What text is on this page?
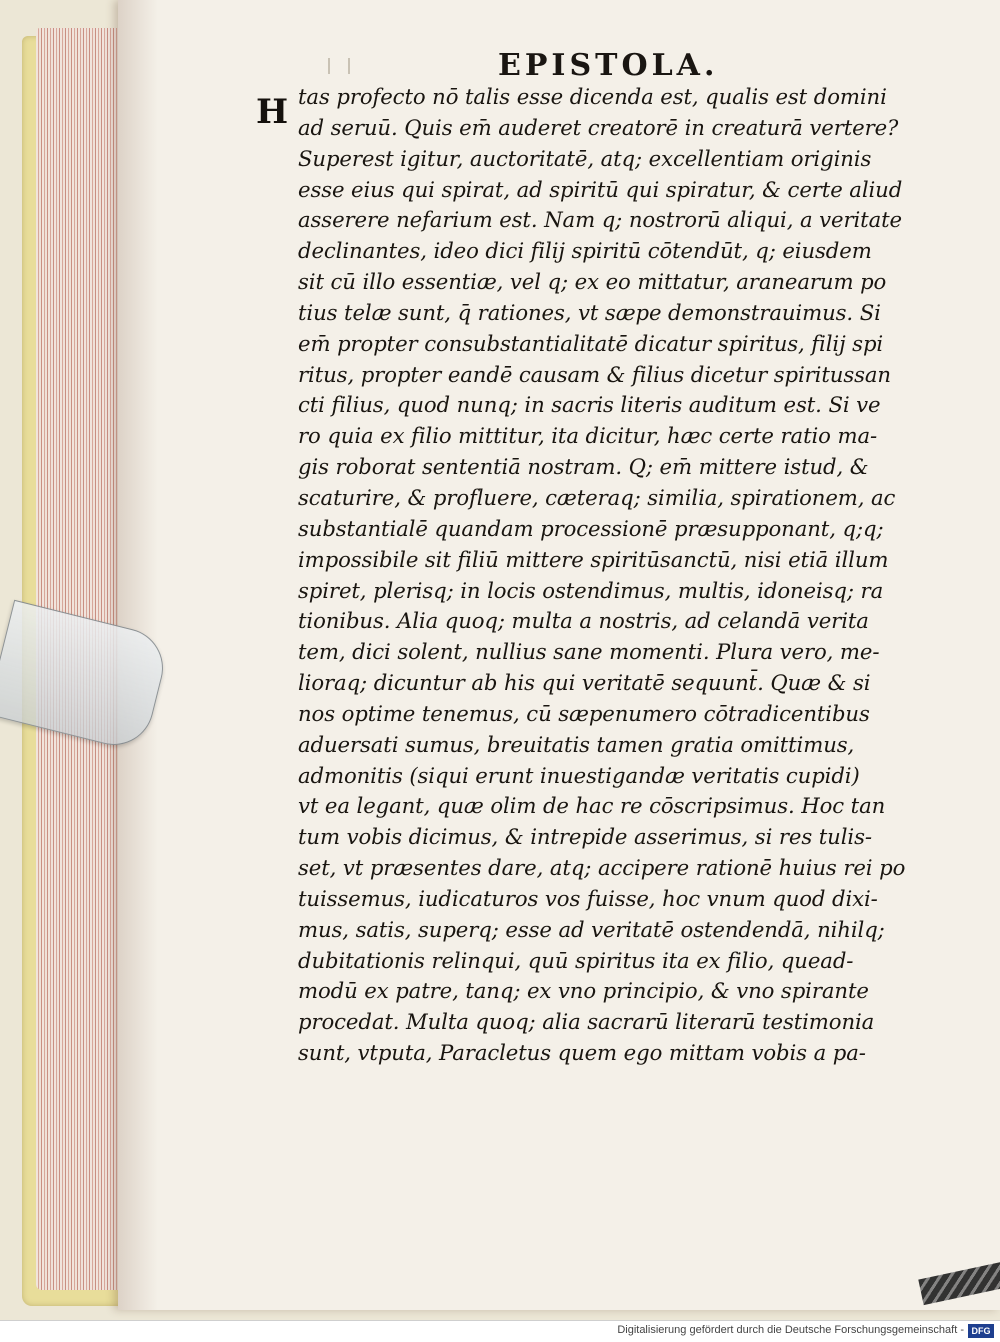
EPISTOLA.
H tas profecto nō talis esse dicenda est, qualis est domini
ad seruū. Quis em̄ auderet creatorē in creaturā vertere?
Superest igitur, auctoritatē, atq; excellentiam originis
esse eius qui spirat, ad spiritū qui spiratur, & certe aliud
asserere nefarium est. Nam q; nostrorū aliqui, a veritate
declinantes, ideo dici filij spiritū cōtendūt, q; eiusdem
sit cū illo essentiæ, vel q; ex eo mittatur, aranearum po
tius telæ sunt, q̄ rationes, vt sæpe demonstrauimus. Si
em̄ propter consubstantialitatē dicatur spiritus, filij spi
ritus, propter eandē causam & filius dicetur spiritussan
cti filius, quod nunq; in sacris literis auditum est. Si ve
ro quia ex filio mittitur, ita dicitur, hæc certe ratio ma-
gis roborat sententiā nostram. Q; em̄ mittere istud, &
scaturire, & profluere, cæteraq; similia, spirationem, ac
substantialē quandam processionē præsupponant, q;q;
impossibile sit filiū mittere spiritūsanctū, nisi etiā illum
spiret, plerisq; in locis ostendimus, multis, idoneisq; ra
tionibus. Alia quoq; multa a nostris, ad celandā verita
tem, dici solent, nullius sane momenti. Plura vero, me-
lioraq; dicuntur ab his qui veritatē sequunt̄. Quæ & si
nos optime tenemus, cū sæpenumero cōtradicentibus
aduersati sumus, breuitatis tamen gratia omittimus,
admonitis (siqui erunt inuestigandæ veritatis cupidi)
vt ea legant, quæ olim de hac re cōscripsimus. Hoc tan
tum vobis dicimus, & intrepide asserimus, si res tulis-
set, vt præsentes dare, atq; accipere rationē huius rei po
tuissemus, iudicaturos vos fuisse, hoc vnum quod dixi-
mus, satis, superq; esse ad veritatē ostendendā, nihilq;
dubitationis relinqui, quū spiritus ita ex filio, quead-
modū ex patre, tanq; ex vno principio, & vno spirante
procedat. Multa quoq; alia sacrarū literarū testimonia
sunt, vtputa, Paracletus quem ego mittam vobis a pa-
Digitalisierung gefördert durch die Deutsche Forschungsgemeinschaft - DFG
